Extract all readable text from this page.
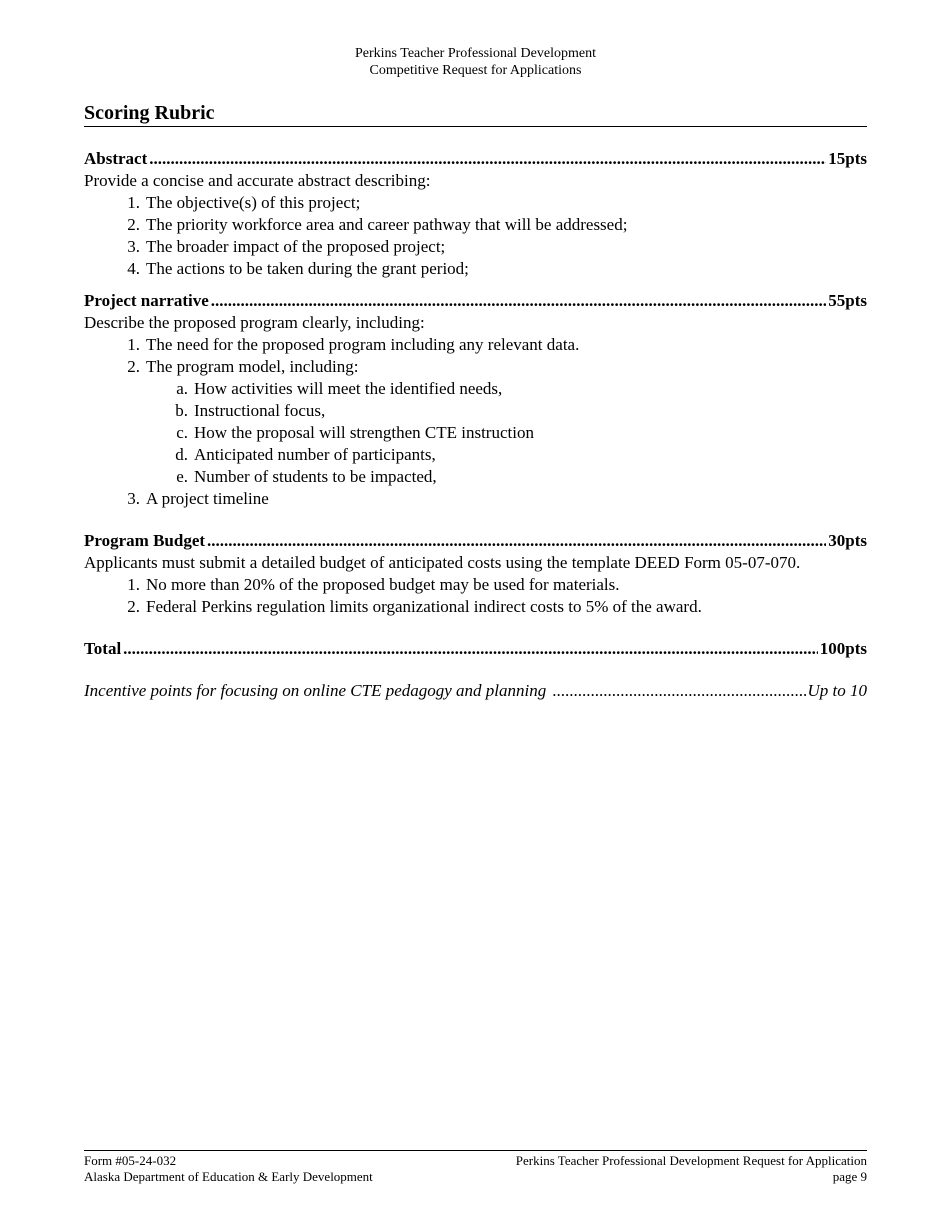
Perkins Teacher Professional Development
Competitive Request for Applications
Scoring Rubric
Abstract .....	15pts

Provide a concise and accurate abstract describing:

1. The objective(s) of this project;
2. The priority workforce area and career pathway that will be addressed;
3. The broader impact of the proposed project;
4. The actions to be taken during the grant period;
Project narrative .....	55pts

Describe the proposed program clearly, including:

1. The need for the proposed program including any relevant data.
2. The program model, including:
a. How activities will meet the identified needs,
b. Instructional focus,
c. How the proposal will strengthen CTE instruction
d. Anticipated number of participants,
e. Number of students to be impacted,
3. A project timeline
Program Budget .....	30pts

Applicants must submit a detailed budget of anticipated costs using the template DEED Form 05-07-070.

1. No more than 20% of the proposed budget may be used for materials.
2. Federal Perkins regulation limits organizational indirect costs to 5% of the award.
Total .....	100pts
Incentive points for focusing on online CTE pedagogy and planning .....	Up to 10
Form #05-24-032
Alaska Department of Education & Early Development
Perkins Teacher Professional Development Request for Application
page 9
